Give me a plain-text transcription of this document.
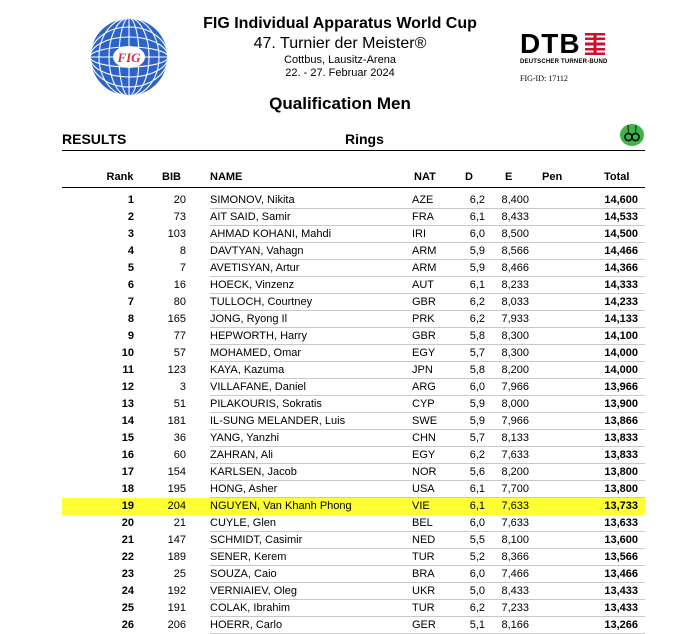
FIG
FIG Individual Apparatus World Cup
47. Turnier der Meister®
Cottbus, Lausitz-Arena
22. - 27. Februar 2024
DTB
DEUTSCHER TURNER-BUND
FIG-ID: 17112
Qualification Men
RESULTS	Rings
Rank	BIB	NAME	NAT	D	E	Pen	Total
1	20 SIMONOV, Nikita	AZE	6,2	8,400	14,600
2	73 AIT SAID, Samir	FRA	6,1	8,433	14,533
3	103 AHMAD KOHANI, Mahdi	IRI	6,0	8,500	14,500
4	8 DAVTYAN, Vahagn	ARM	5,9	8,566	14,466
5	7 AVETISYAN, Artur	ARM	5,9	8,466	14,366
6	16 HOECK, Vinzenz	AUT	6,1	8,233	14,333
7	80 TULLOCH, Courtney	GBR	6,2	8,033	14,233
8	165 JONG, Ryong Il	PRK	6,2	7,933	14,133
9	77 HEPWORTH, Harry	GBR	5,8	8,300	14,100
10	57 MOHAMED, Omar	EGY	5,7	8,300	14,000
11	123 KAYA, Kazuma	JPN	5,8	8,200	14,000
12	3 VILLAFANE, Daniel	ARG	6,0	7,966	13,966
13	51 PILAKOURIS, Sokratis	CYP	5,9	8,000	13,900
14	181 IL-SUNG MELANDER, Luis	SWE	5,9	7,966	13,866
15	36 YANG, Yanzhi	CHN	5,7	8,133	13,833
16	60 ZAHRAN, Ali	EGY	6,2	7,633	13,833
17	154 KARLSEN, Jacob	NOR	5,6	8,200	13,800
18	195 HONG, Asher	USA	6,1	7,700	13,800
19	204 NGUYEN, Van Khanh Phong	VIE	6,1	7,633	13,733
20	21 CUYLE, Glen	BEL	6,0	7,633	13,633
21	147 SCHMIDT, Casimir	NED	5,5	8,100	13,600
22	189 SENER, Kerem	TUR	5,2	8,366	13,566
23	25 SOUZA, Caio	BRA	6,0	7,466	13,466
24	192 VERNIAIEV, Oleg	UKR	5,0	8,433	13,433
25	191 COLAK, Ibrahim	TUR	6,2	7,233	13,433
26	206 HOERR, Carlo	GER	5,1	8,166	13,266
